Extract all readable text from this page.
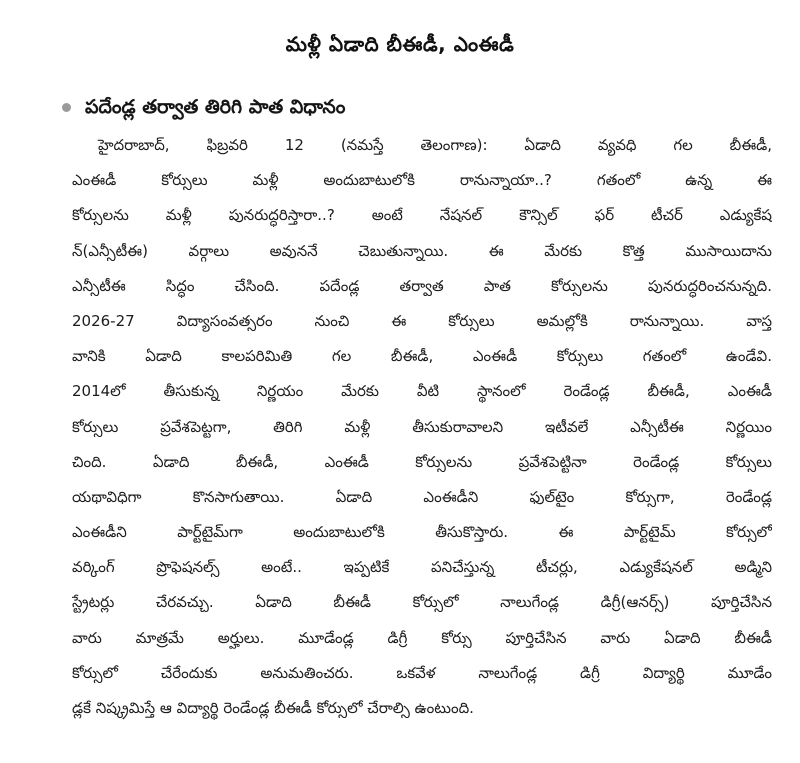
మళ్లీ ఏడాది బీఈడీ, ఎంఈడీ
పదేండ్ల తర్వాత తిరిగి పాత విధానం
హైదరాబాద్, ఫిబ్రవరి 12 (నమస్తే తెలంగాణ): ఏడాది వ్యవధి గల బీఈడీ,
ఎంఈడీ కోర్సులు మళ్లీ అందుబాటులోకి రానున్నాయా..? గతంలో ఉన్న ఈ
కోర్సులను మళ్లీ పునరుద్ధరిస్తారా..? అంటే నేషనల్ కౌన్సిల్ ఫర్ టీచర్ ఎడ్యుకేష
న్(ఎన్సీటీఈ) వర్గాలు అవుననే చెబుతున్నాయి. ఈ మేరకు కొత్త ముసాయిదాను
ఎన్సీటీఈ సిద్ధం చేసింది. పదేండ్ల తర్వాత పాత కోర్సులను పునరుద్ధరించనున్నది.
2026-27 విద్యాసంవత్సరం నుంచి ఈ కోర్సులు అమల్లోకి రానున్నాయి. వాస్త
వానికి ఏడాది కాలపరిమితి గల బీఈడీ, ఎంఈడీ కోర్సులు గతంలో ఉండేవి.
2014లో తీసుకున్న నిర్ణయం మేరకు వీటి స్థానంలో రెండేండ్ల బీఈడీ, ఎంఈడీ
కోర్సులు ప్రవేశపెట్టగా, తిరిగి మళ్లీ తీసుకురావాలని ఇటీవలే ఎన్సీటీఈ నిర్ణయిం
చింది. ఏడాది బీఈడీ, ఎంఈడీ కోర్సులను ప్రవేశపెట్టినా రెండేండ్ల కోర్సులు
యథావిధిగా కొనసాగుతాయి. ఏడాది ఎంఈడీని ఫుల్‌టైం కోర్సుగా, రెండేండ్ల
ఎంఈడీని పార్ట్‌టైమ్‌గా అందుబాటులోకి తీసుకొస్తారు. ఈ పార్ట్‌టైమ్ కోర్సులో
వర్కింగ్ ప్రొఫెషనల్స్ అంటే.. ఇప్పటికే పనిచేస్తున్న టీచర్లు, ఎడ్యుకేషనల్ అడ్మిని
స్ట్రేటర్లు చేరవచ్చు. ఏడాది బీఈడీ కోర్సులో నాలుగేండ్ల డిగ్రీ(ఆనర్స్) పూర్తిచేసిన
వారు మాత్రమే అర్హులు. మూడేండ్ల డిగ్రీ కోర్సు పూర్తిచేసిన వారు ఏడాది బీఈడీ
కోర్సులో చేరేందుకు అనుమతించరు. ఒకవేళ నాలుగేండ్ల డిగ్రీ విద్యార్థి మూడేం
డ్లకే నిష్క్రమిస్తే ఆ విద్యార్థి రెండేండ్ల బీఈడీ కోర్సులో చేరాల్సి ఉంటుంది.
